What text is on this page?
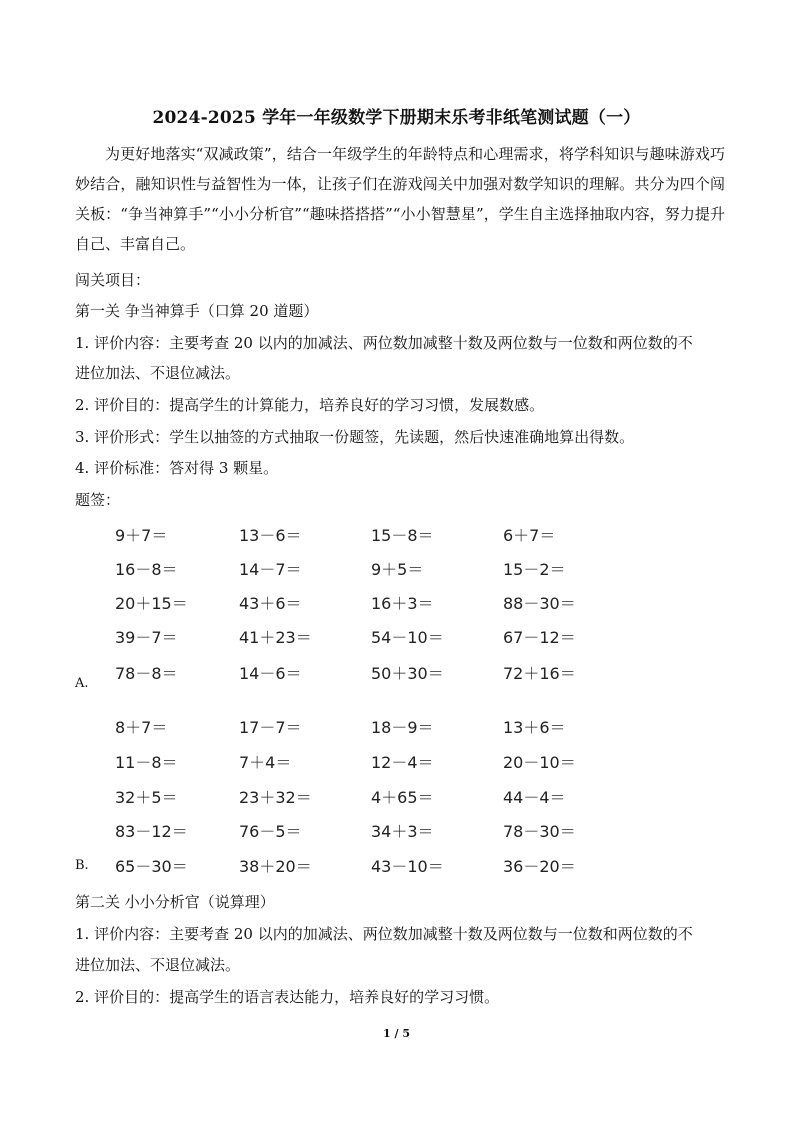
2024-2025 学年一年级数学下册期末乐考非纸笔测试题（一）
为更好地落实“双减政策”，结合一年级学生的年龄特点和心理需求，将学科知识与趣味游戏巧妙结合，融知识性与益智性为一体，让孩子们在游戏闯关中加强对数学知识的理解。共分为四个闯关板：“争当神算手”“小小分析官”“趣味搭搭搭”“小小智慧星”，学生自主选择抽取内容，努力提升自己、丰富自己。
闯关项目：
第一关 争当神算手（口算 20 道题）
1. 评价内容：主要考查 20 以内的加减法、两位数加减整十数及两位数与一位数和两位数的不
进位加法、不退位减法。
2. 评价目的：提高学生的计算能力，培养良好的学习习惯，发展数感。
3. 评价形式：学生以抽签的方式抽取一份题签，先读题，然后快速准确地算出得数。
4. 评价标准：答对得 3 颗星。
题签：
9＋7＝	13－6＝	15－8＝	6＋7＝
16－8＝	14－7＝	9＋5＝	15－2＝
20＋15＝	43＋6＝	16＋3＝	88－30＝
39－7＝	41＋23＝	54－10＝	67－12＝
78－8＝	14－6＝	50＋30＝	72＋16＝
A.
8＋7＝	17－7＝	18－9＝	13＋6＝
11－8＝	7＋4＝	12－4＝	20－10＝
32＋5＝	23＋32＝	4＋65＝	44－4＝
83－12＝	76－5＝	34＋3＝	78－30＝
65－30＝	38＋20＝	43－10＝	36－20＝
B.
第二关 小小分析官（说算理）
1. 评价内容：主要考查 20 以内的加减法、两位数加减整十数及两位数与一位数和两位数的不
进位加法、不退位减法。
2. 评价目的：提高学生的语言表达能力，培养良好的学习习惯。
1 / 5
